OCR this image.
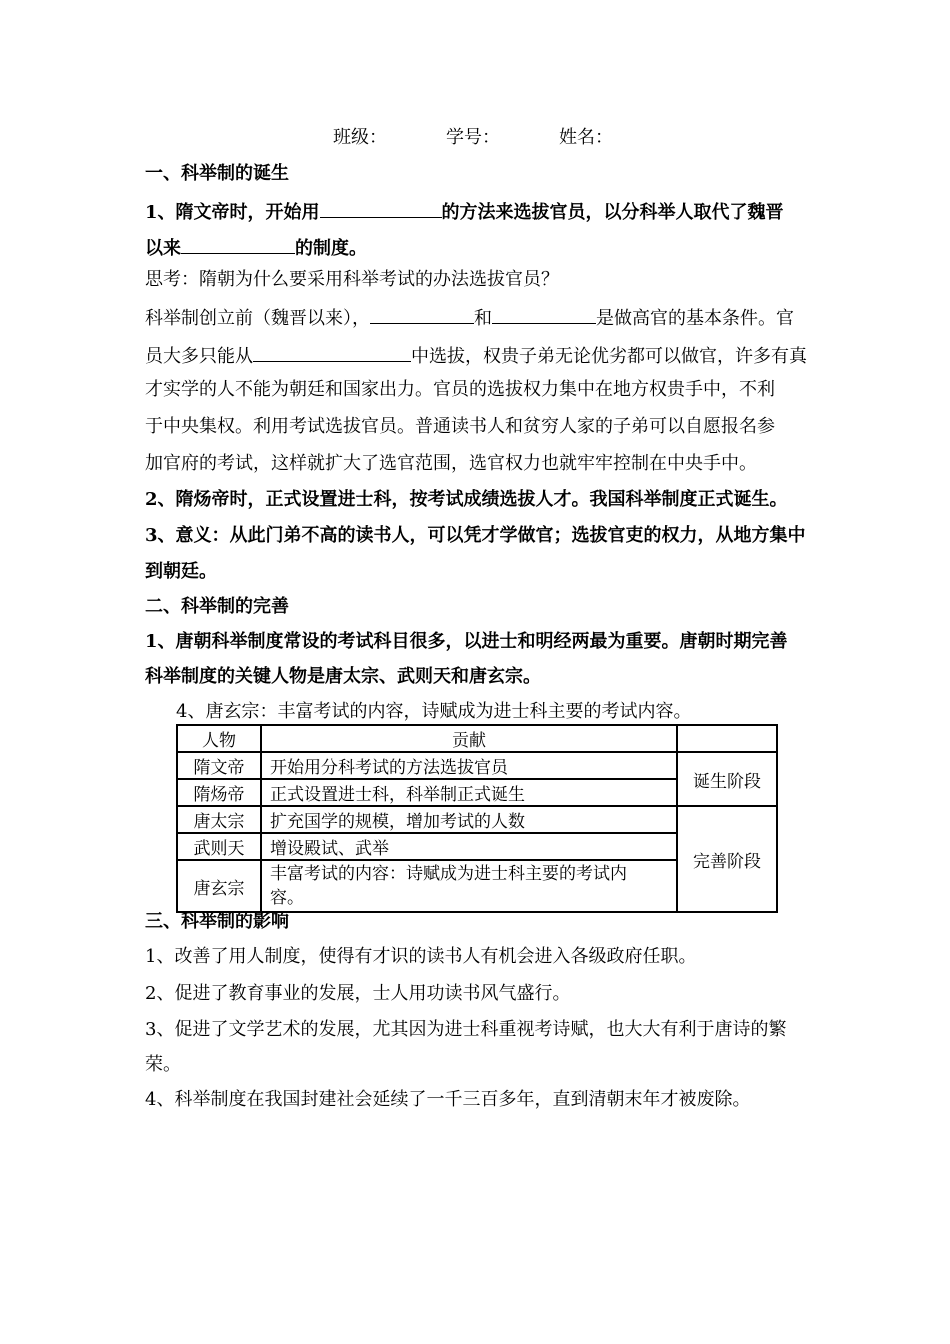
班级：	学号：	姓名：
一、科举制的诞生
1、隋文帝时，开始用	的方法来选拔官员，以分科举人取代了魏晋
以来	的制度。
思考：隋朝为什么要采用科举考试的办法选拔官员？
科举制创立前（魏晋以来），	和	是做高官的基本条件。官
员大多只能从	中选拔，权贵子弟无论优劣都可以做官，许多有真
才实学的人不能为朝廷和国家出力。官员的选拔权力集中在地方权贵手中，不利
于中央集权。利用考试选拔官员。普通读书人和贫穷人家的子弟可以自愿报名参
加官府的考试，这样就扩大了选官范围，选官权力也就牢牢控制在中央手中。
2、隋炀帝时，正式设置进士科，按考试成绩选拔人才。我国科举制度正式诞生。
3、意义：从此门弟不高的读书人，可以凭才学做官；选拔官吏的权力，从地方集中
到朝廷。
二、科举制的完善
1、唐朝科举制度常设的考试科目很多，以进士和明经两最为重要。唐朝时期完善
科举制度的关键人物是唐太宗、武则天和唐玄宗。
4、唐玄宗：丰富考试的内容，诗赋成为进士科主要的考试内容。
人物	贡献	
隋文帝	开始用分科考试的方法选拔官员	诞生阶段
隋炀帝	正式设置进士科，科举制正式诞生	
唐太宗	扩充国学的规模，增加考试的人数	完善阶段
武则天	增设殿试、武举	
唐玄宗	丰富考试的内容：诗赋成为进士科主要的考试内
容。	
三、科举制的影响
1、改善了用人制度，使得有才识的读书人有机会进入各级政府任职。
2、促进了教育事业的发展，士人用功读书风气盛行。
3、促进了文学艺术的发展，尤其因为进士科重视考诗赋，也大大有利于唐诗的繁
荣。
4、科举制度在我国封建社会延续了一千三百多年，直到清朝末年才被废除。
